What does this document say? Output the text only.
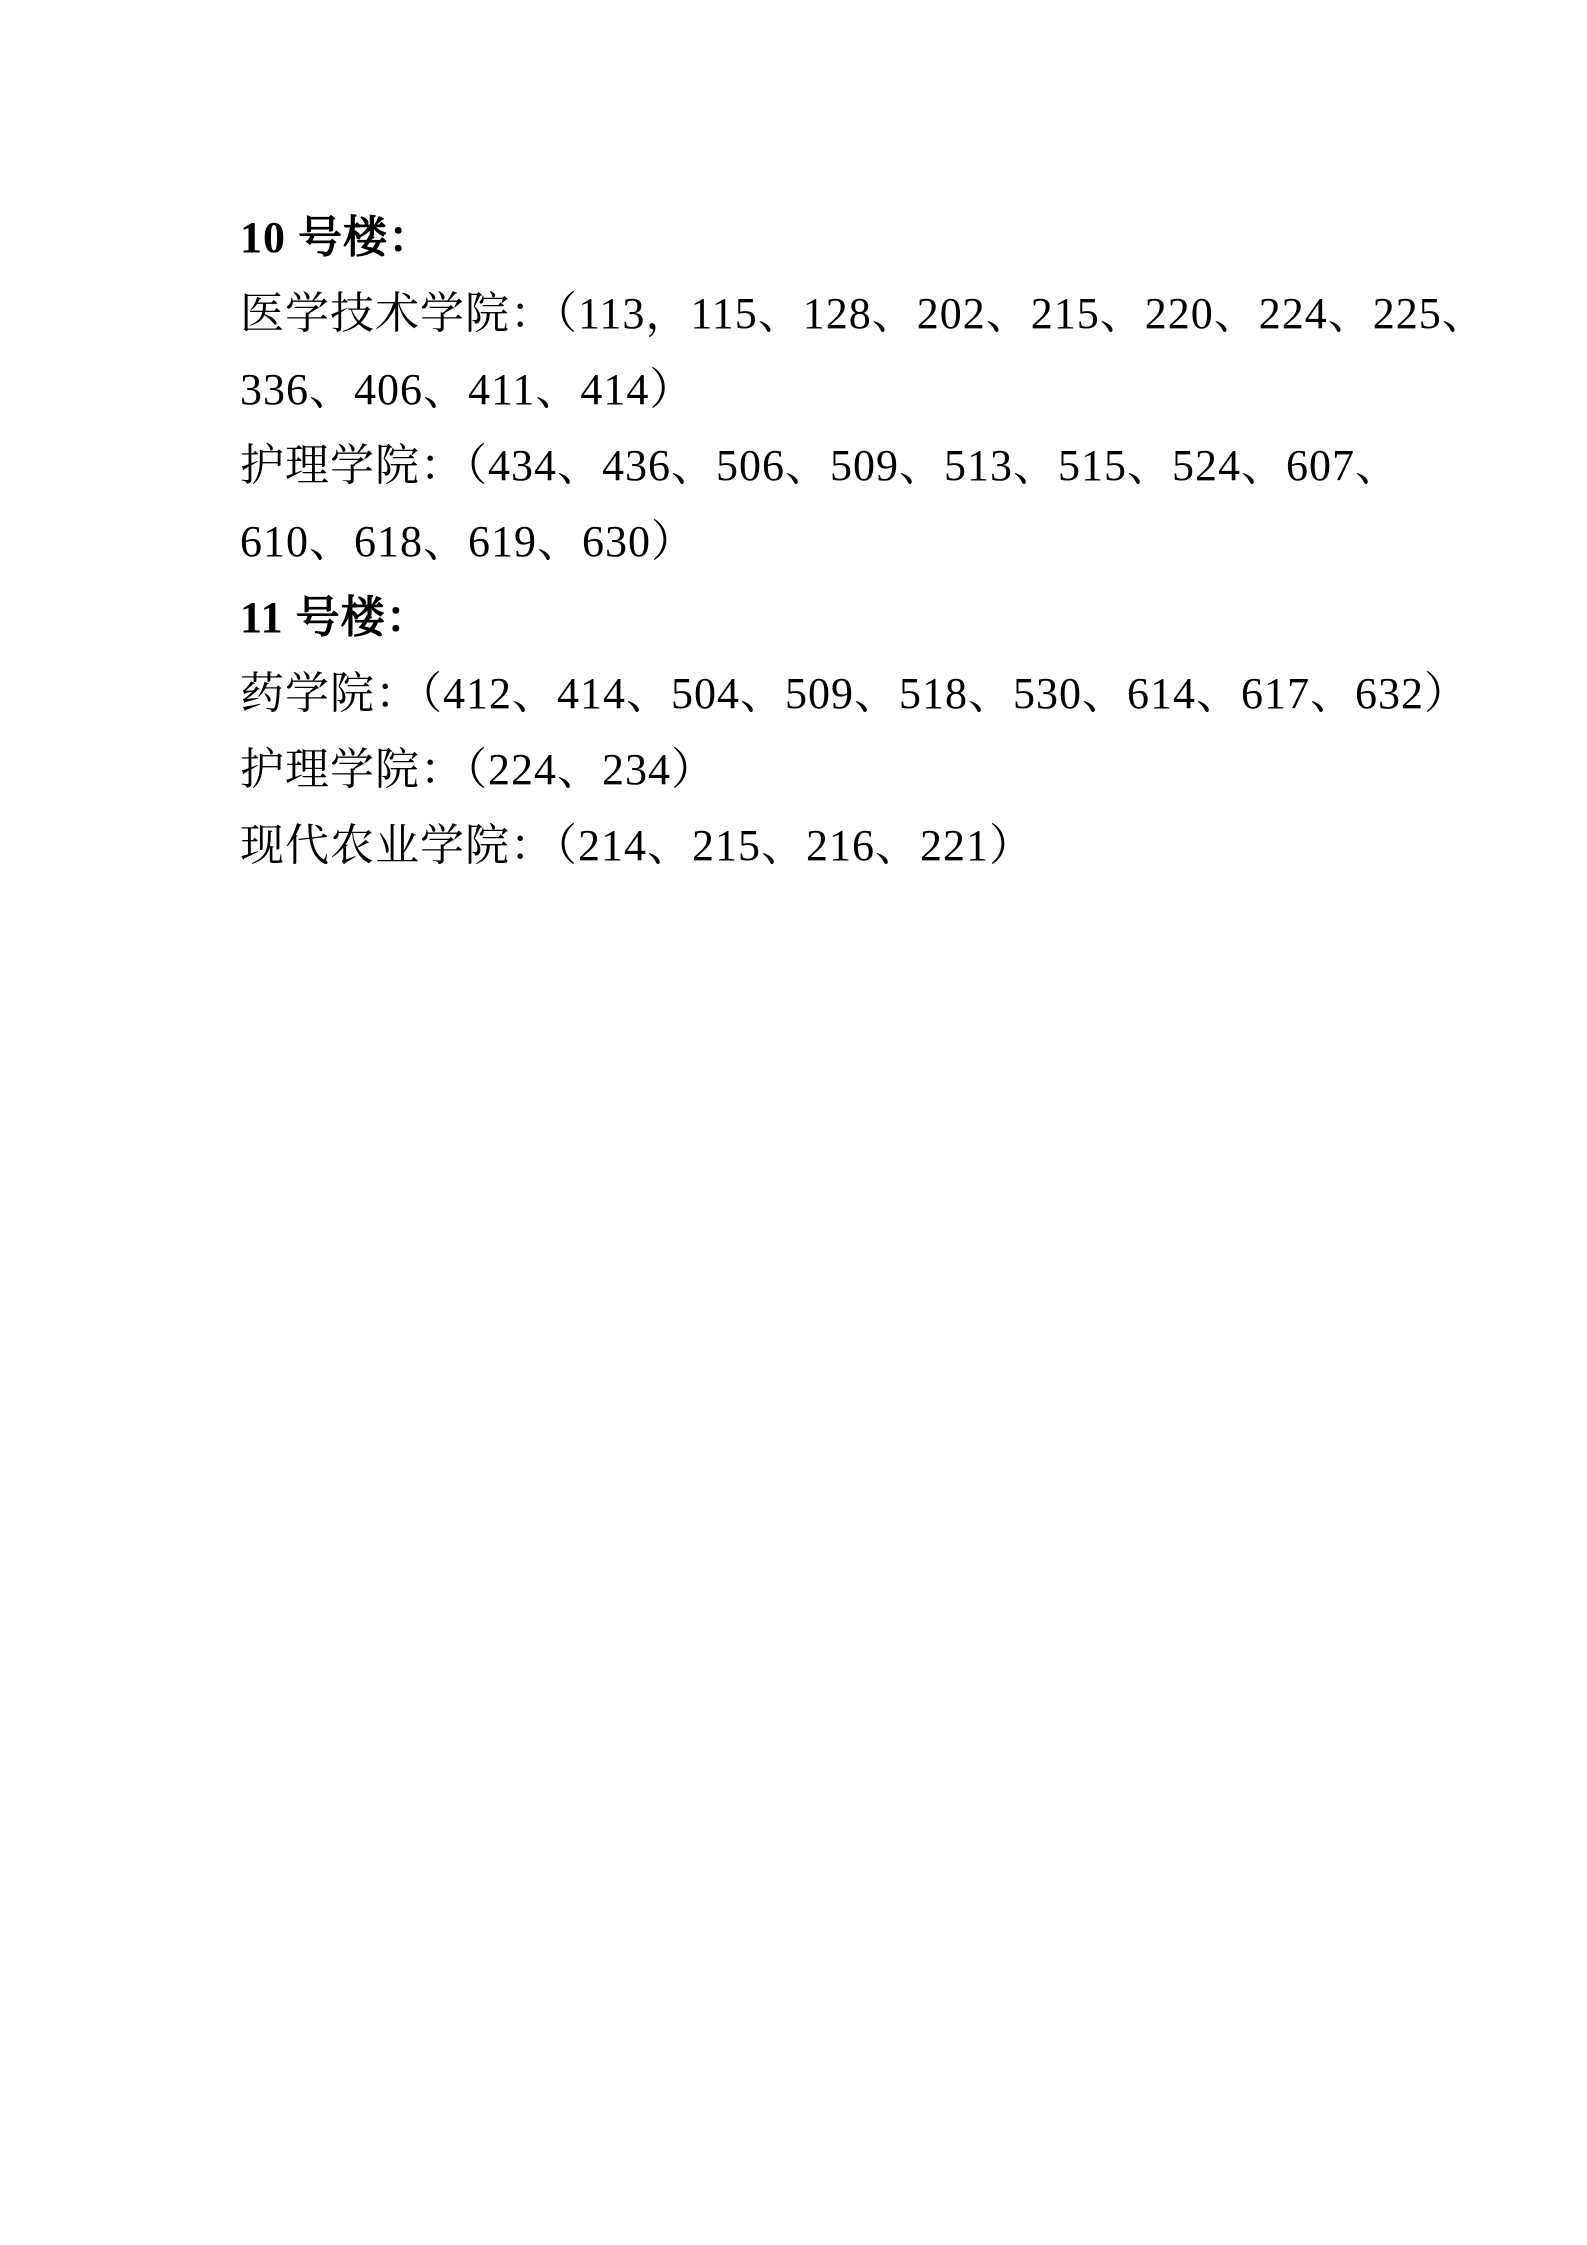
10 号楼：
医学技术学院：（113，115、128、202、215、220、224、225、
336、406、411、414）
护理学院：（434、436、506、509、513、515、524、607、
610、618、619、630）
11 号楼：
药学院：（412、414、504、509、518、530、614、617、632）
护理学院：（224、234）
现代农业学院：（214、215、216、221）
